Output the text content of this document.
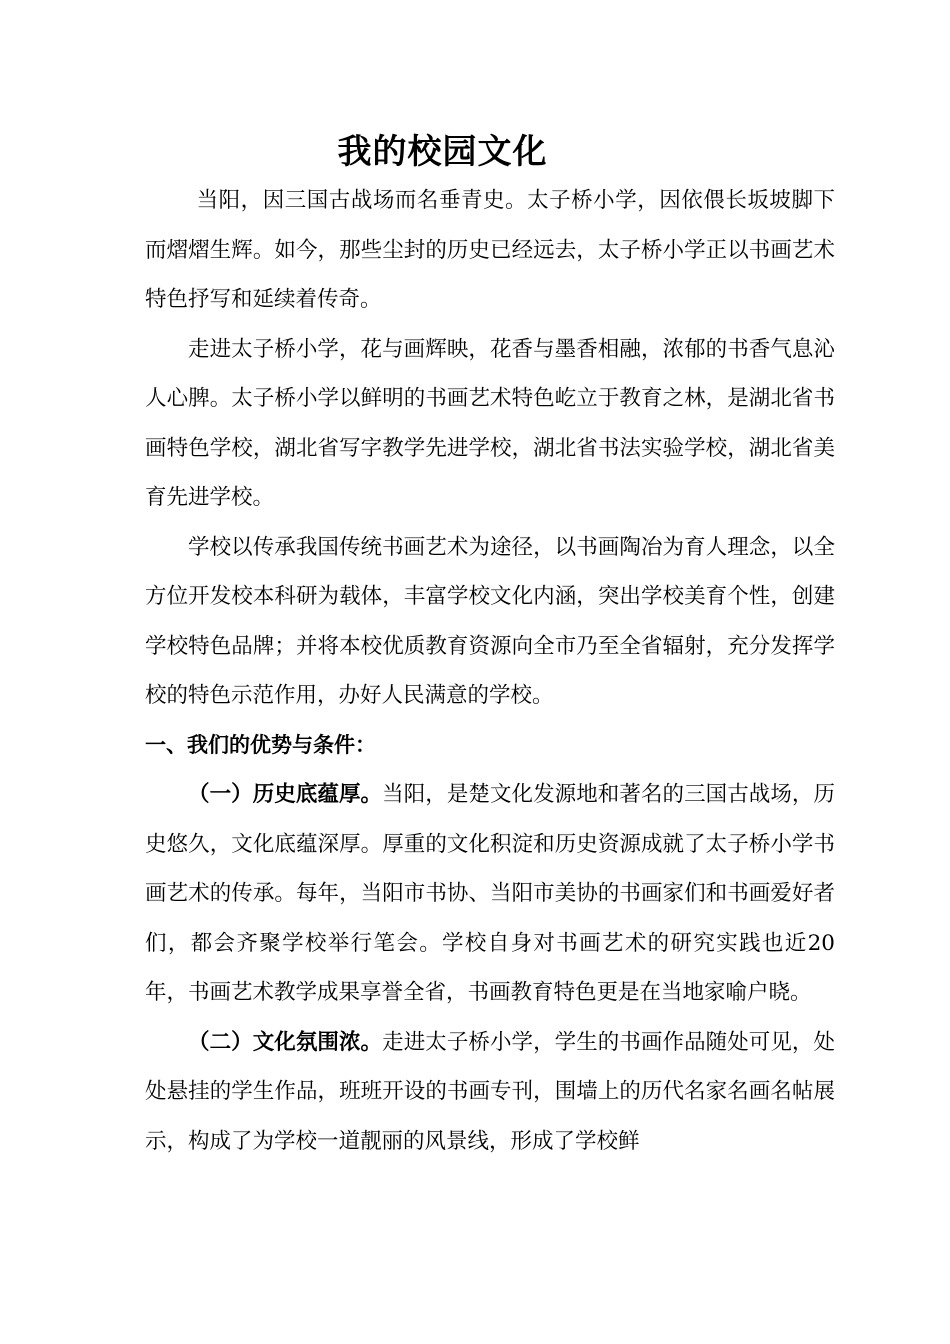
我的校园文化

当阳，因三国古战场而名垂青史。太子桥小学，因依偎长坂坡脚下而熠熠生辉。如今，那些尘封的历史已经远去，太子桥小学正以书画艺术特色抒写和延续着传奇。

走进太子桥小学，花与画辉映，花香与墨香相融，浓郁的书香气息沁人心脾。太子桥小学以鲜明的书画艺术特色屹立于教育之林，是湖北省书画特色学校，湖北省写字教学先进学校，湖北省书法实验学校，湖北省美育先进学校。

学校以传承我国传统书画艺术为途径，以书画陶冶为育人理念，以全方位开发校本科研为载体，丰富学校文化内涵，突出学校美育个性，创建学校特色品牌；并将本校优质教育资源向全市乃至全省辐射，充分发挥学校的特色示范作用，办好人民满意的学校。

一、我们的优势与条件：

（一）历史底蕴厚。当阳，是楚文化发源地和著名的三国古战场，历史悠久，文化底蕴深厚。厚重的文化积淀和历史资源成就了太子桥小学书画艺术的传承。每年，当阳市书协、当阳市美协的书画家们和书画爱好者们，都会齐聚学校举行笔会。学校自身对书画艺术的研究实践也近20年，书画艺术教学成果享誉全省，书画教育特色更是在当地家喻户晓。

（二）文化氛围浓。走进太子桥小学，学生的书画作品随处可见，处处悬挂的学生作品，班班开设的书画专刊，围墙上的历代名家名画名帖展示，构成了为学校一道靓丽的风景线，形成了学校鲜
